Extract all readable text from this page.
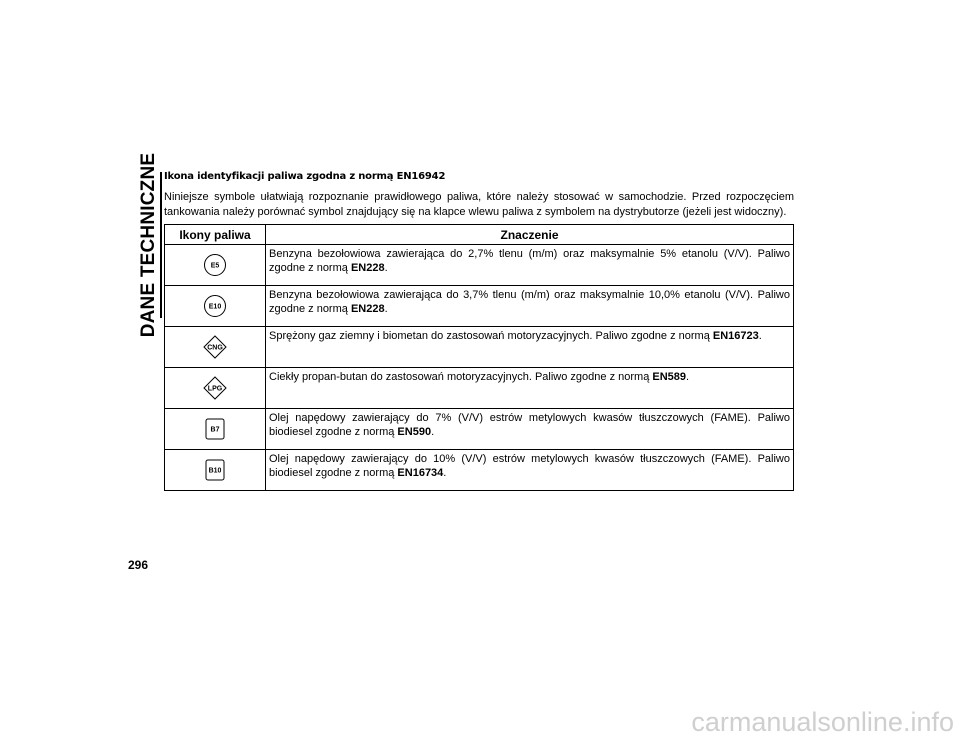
DANE TECHNICZNE Ikona identyfikacji paliwa zgodna z normą EN16942
Niniejsze symbole ułatwiają rozpoznanie prawidłowego paliwa, które należy stosować w samochodzie. Przed rozpoczęciem tankowania należy porównać symbol znajdujący się na klapce wlewu paliwa z symbolem na dystrybutorze (jeżeli jest widoczny).
Ikony paliwa	Znaczenie

E5	Benzyna bezołowiowa zawierająca do 2,7% tlenu (m/m) oraz maksymalnie 5% etanolu (V/V). Paliwo zgodne z normą EN228.

E10	Benzyna bezołowiowa zawierająca do 3,7% tlenu (m/m) oraz maksymalnie 10,0% etanolu (V/V). Paliwo zgodne z normą EN228.

CNG	Sprężony gaz ziemny i biometan do zastosowań motoryzacyjnych. Paliwo zgodne z normą EN16723.

LPG	Ciekły propan-butan do zastosowań motoryzacyjnych. Paliwo zgodne z normą EN589.

B7	Olej napędowy zawierający do 7% (V/V) estrów metylowych kwasów tłuszczowych (FAME). Paliwo biodiesel zgodne z normą EN590.

B10	Olej napędowy zawierający do 10% (V/V) estrów metylowych kwasów tłuszczowych (FAME). Paliwo biodiesel zgodne z normą EN16734.
296
carmanualsonline.info
